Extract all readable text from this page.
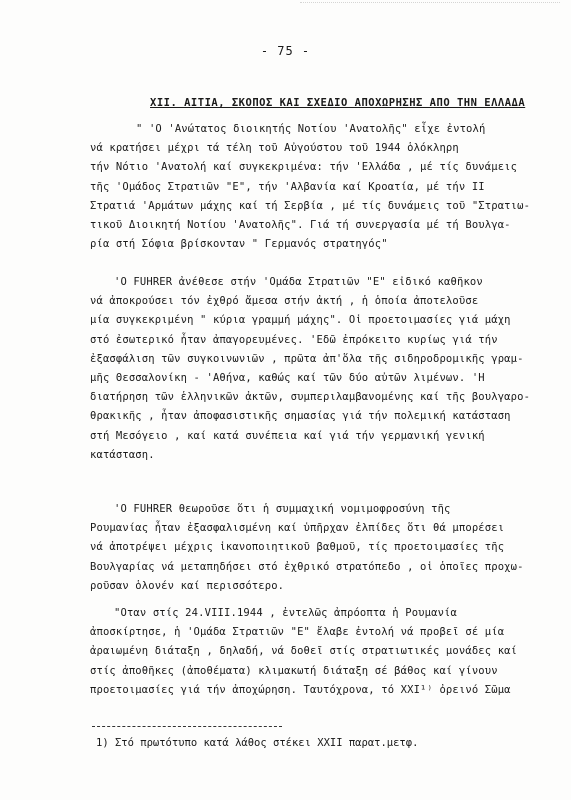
- 75 -
XII. ΑΙΤΙΑ, ΣΚΟΠΟΣ ΚΑΙ ΣΧΕΔΙΟ ΑΠΟΧΩΡΗΣΗΣ ΑΠΟ ΤΗΝ ΕΛΛΑΔΑ
" 'Ο 'Ανώτατος διοικητής Νοτίου 'Ανατολῆς" εἶχε ἐντολή
νά κρατήσει μέχρι τά τέλη τοῦ Αὐγούστου τοῦ 1944 ὁλόκληρη
τήν Νότιο 'Ανατολή καί συγκεκριμένα: τήν 'Ελλάδα , μέ τίς δυνάμεις
τῆς 'Ομάδος Στρατιῶν "Ε", τήν 'Αλβανία καί Κροατία, μέ τήν ΙΙ
Στρατιά 'Αρμάτων μάχης καί τή Σερβία , μέ τίς δυνάμεις τοῦ "Στρατιω-
τικοῦ Διοικητή Νοτίου 'Ανατολῆς". Γιά τή συνεργασία μέ τή Βουλγα-
ρία στή Σόφια βρίσκονταν " Γερμανός στρατηγός"
'Ο FUHRER ἀνέθεσε στήν 'Ομάδα Στρατιῶν "Ε" εἰδικό καθῆκον
νά ἀποκρούσει τόν ἐχθρό ἄμεσα στήν ἀκτή , ἡ ὁποία ἀποτελοῦσε
μία συγκεκριμένη " κύρια γραμμή μάχης". Οἱ προετοιμασίες γιά μάχη
στό ἐσωτερικό ἦταν ἀπαγορευμένες. 'Εδῶ ἐπρόκειτο κυρίως γιά τήν
ἐξασφάλιση τῶν συγκοινωνιῶν , πρῶτα ἀπ'ὅλα τῆς σιδηροδρομικῆς γραμ-
μῆς Θεσσαλονίκη - 'Αθήνα, καθώς καί τῶν δύο αὐτῶν λιμένων. 'Η
διατήρηση τῶν ἑλληνικῶν ἀκτῶν, συμπεριλαμβανομένης καί τῆς βουλγαρο-
θρακικῆς , ἦταν ἀποφασιστικῆς σημασίας γιά τήν πολεμική κατάσταση
στή Μεσόγειο , καί κατά συνέπεια καί γιά τήν γερμανική γενική
κατάσταση.
'Ο FUHRER θεωροῦσε ὅτι ἡ συμμαχική νομιμοφροσύνη τῆς
Ρουμανίας ἦταν ἐξασφαλισμένη καί ὑπῆρχαν ἐλπίδες ὅτι θά μπορέσει
νά ἀποτρέψει μέχρις ἱκανοποιητικοῦ βαθμοῦ, τίς προετοιμασίες τῆς
Βουλγαρίας νά μεταπηδήσει στό ἐχθρικό στρατόπεδο , οἱ ὁποῖες προχω-
ροῦσαν ὁλονέν καί περισσότερο.
"Οταν στίς 24.VIII.1944 , ἐντελῶς ἀπρόοπτα ἡ Ρουμανία
ἀποσκίρτησε, ἡ 'Ομάδα Στρατιῶν "Ε" ἔλαβε ἐντολή νά προβεῖ σέ μία
ἀραιωμένη διάταξη , δηλαδή, νά δοθεῖ στίς στρατιωτικές μονάδες καί
στίς ἀποθῆκες (ἀποθέματα) κλιμακωτή διάταξη σέ βάθος καί γίνουν
προετοιμασίες γιά τήν ἀποχώρηση. Ταυτόχρονα, τό XXI¹⁾ ὀρεινό Σῶμα
1) Στό πρωτότυπο κατά λάθος στέκει XXII παρατ.μετφ.
